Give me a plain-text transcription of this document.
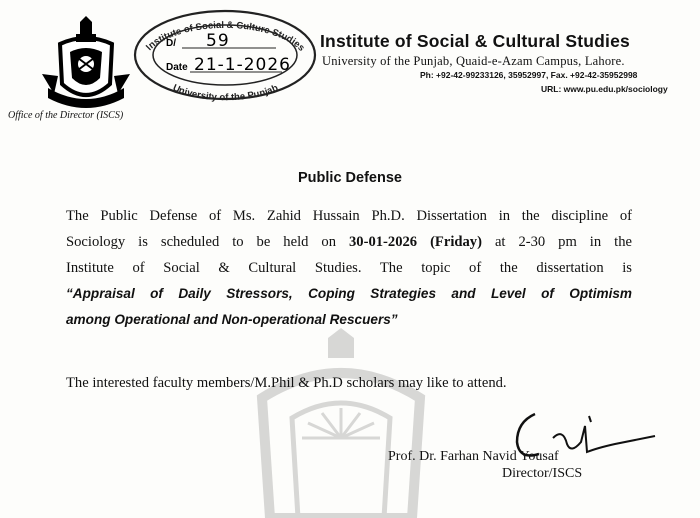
Office of the Director (ISCS)
Institute of Social & Culture Studies
University of the Punjab
D/ 59
Date 21-1-2026
Institute of Social & Cultural Studies
University of the Punjab, Quaid-e-Azam Campus, Lahore.
Ph: +92-42-99233126, 35952997, Fax. +92-42-35952998
URL: www.pu.edu.pk/sociology
Public Defense
The Public Defense of Ms. Zahid Hussain Ph.D. Dissertation in the discipline of
Sociology is scheduled to be held on 30-01-2026 (Friday) at 2-30 pm in the
Institute of Social & Cultural Studies. The topic of the dissertation is
“Appraisal of Daily Stressors, Coping Strategies and Level of Optimism
among Operational and Non-operational Rescuers”
The interested faculty members/M.Phil & Ph.D scholars may like to attend.
Prof. Dr. Farhan Navid Yousaf
Director/ISCS
